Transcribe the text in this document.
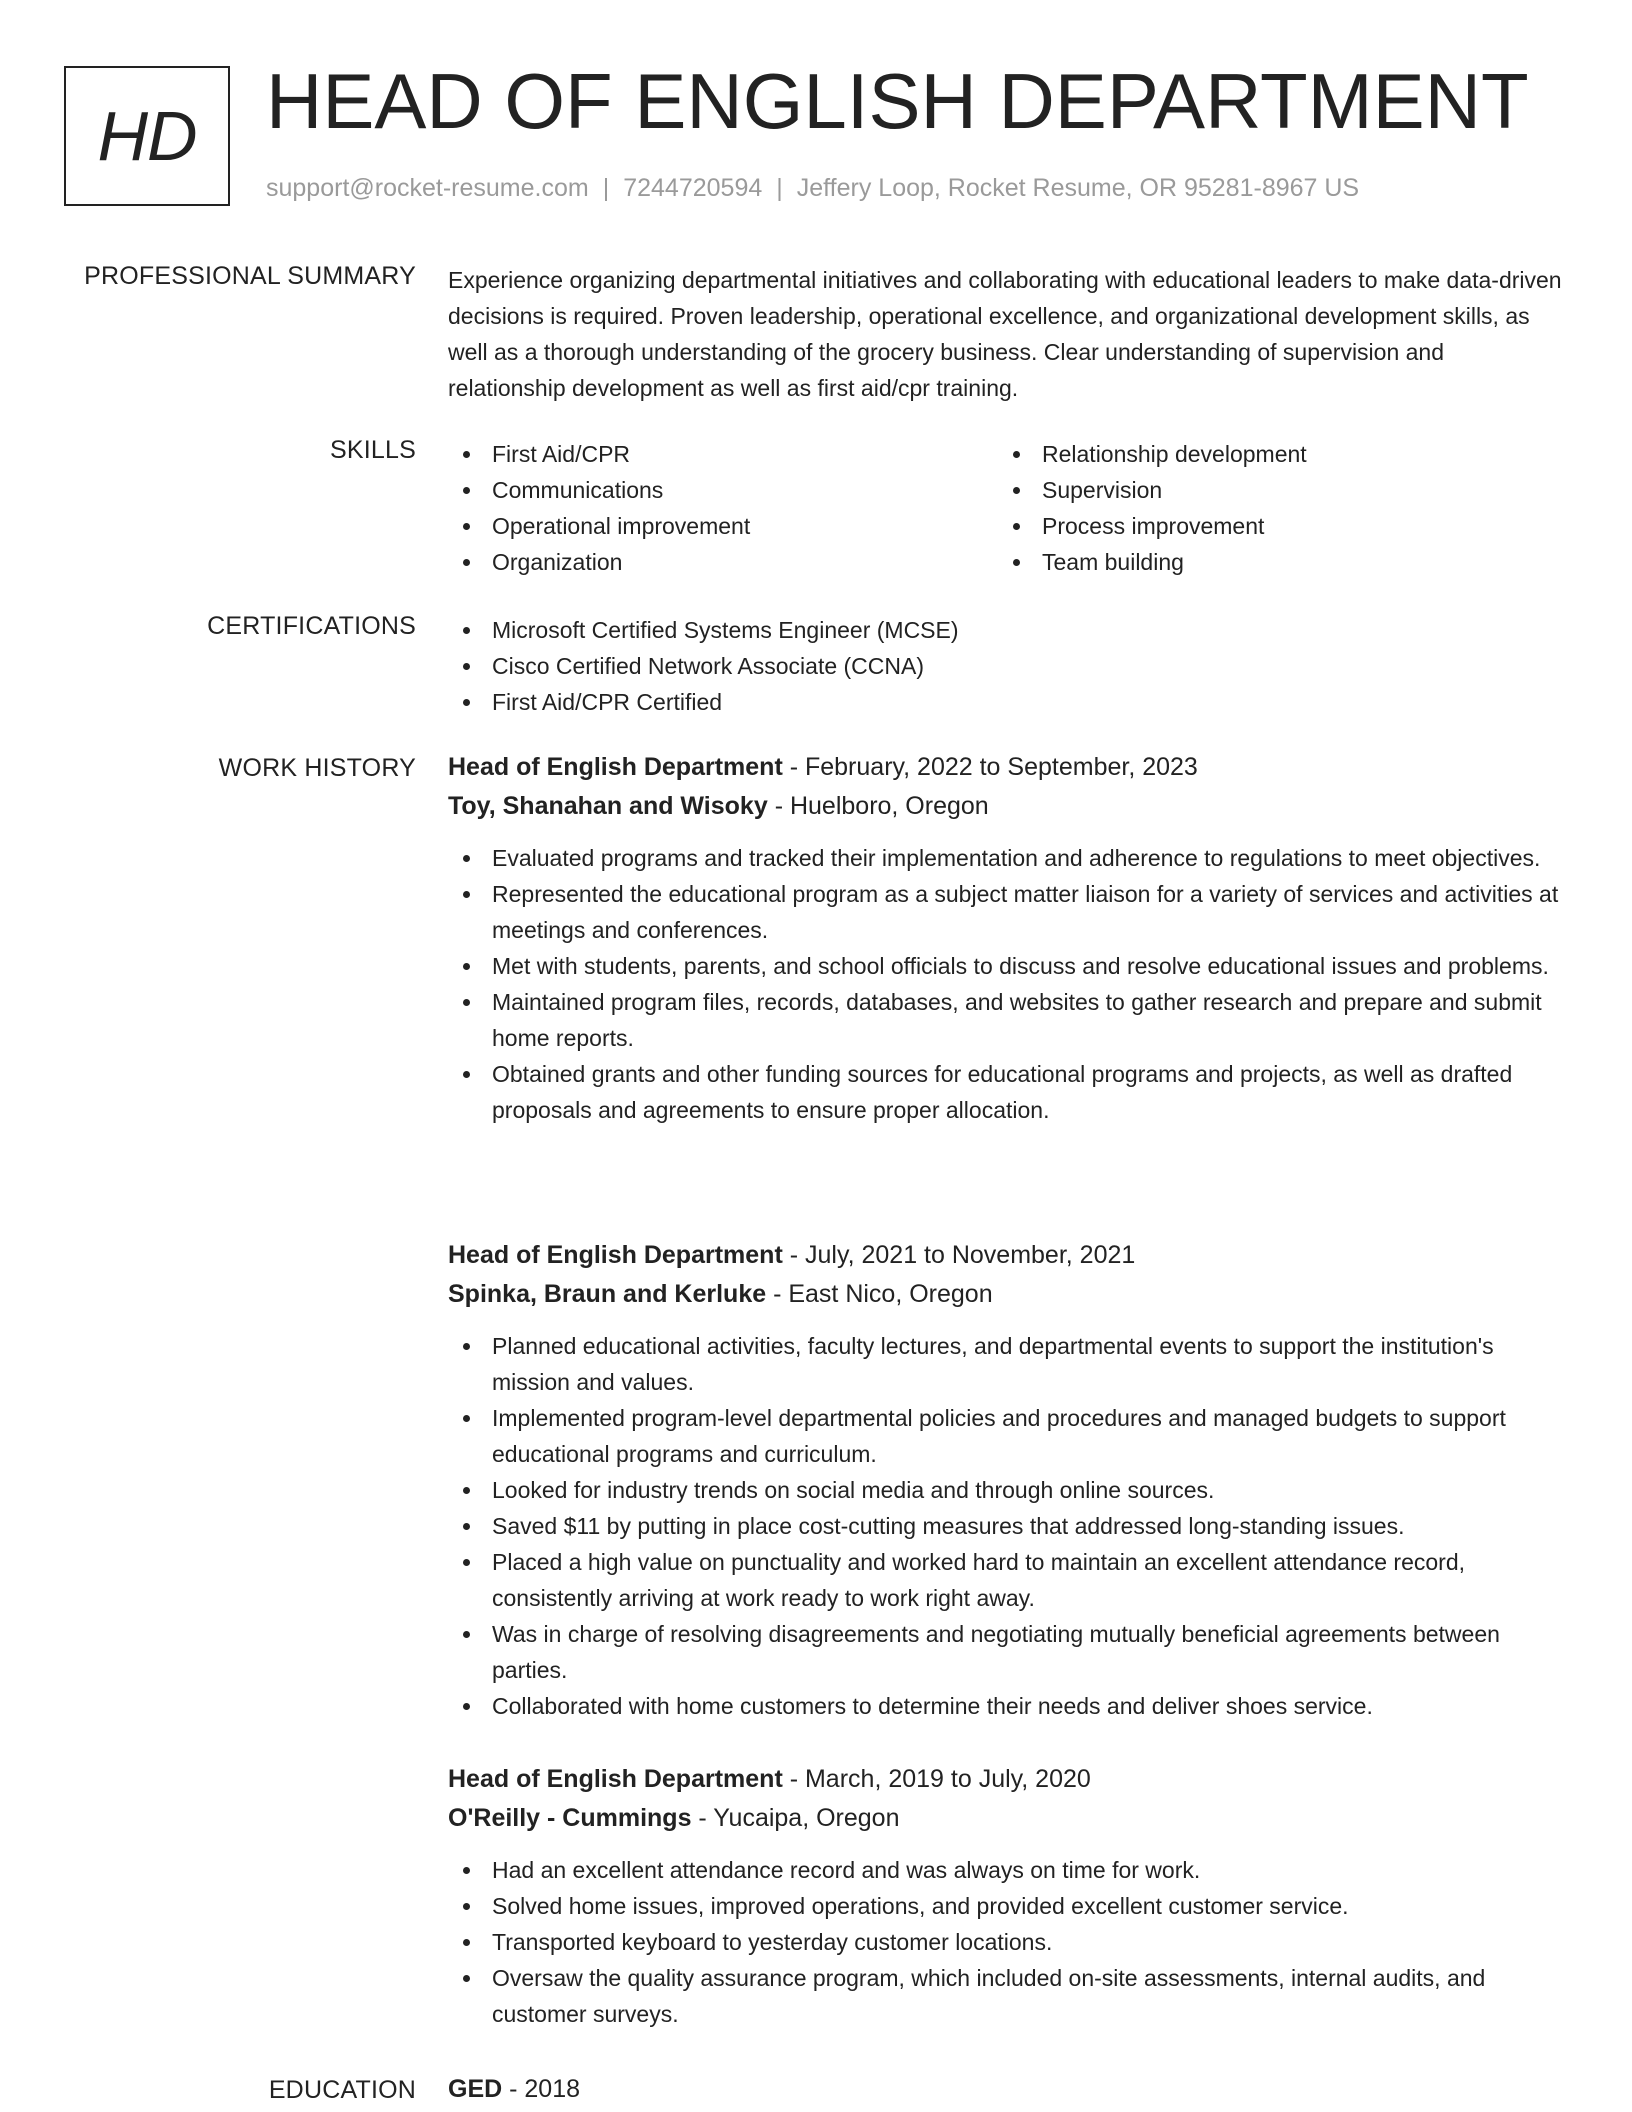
HD HEAD OF ENGLISH DEPARTMENT
support@rocket-resume.com | 7244720594 | Jeffery Loop, Rocket Resume, OR 95281-8967 US
PROFESSIONAL SUMMARY Experience organizing departmental initiatives and collaborating with educational leaders to make data-driven decisions is required. Proven leadership, operational excellence, and organizational development skills, as well as a thorough understanding of the grocery business. Clear understanding of supervision and relationship development as well as first aid/cpr training.

SKILLS	First Aid/CPR
Communications
Operational improvement
Organization
Relationship development
Supervision
Process improvement
Team building
CERTIFICATIONS	Microsoft Certified Systems Engineer (MCSE)
Cisco Certified Network Associate (CCNA)
First Aid/CPR Certified
WORK HISTORY Head of English Department - February, 2022 to September, 2023
Toy, Shanahan and Wisoky - Huelboro, Oregon
Evaluated programs and tracked their implementation and adherence to regulations to meet objectives.
Represented the educational program as a subject matter liaison for a variety of services and activities at meetings and conferences.
Met with students, parents, and school officials to discuss and resolve educational issues and problems.
Maintained program files, records, databases, and websites to gather research and prepare and submit home reports.
Obtained grants and other funding sources for educational programs and projects, as well as drafted proposals and agreements to ensure proper allocation.
Head of English Department - July, 2021 to November, 2021
Spinka, Braun and Kerluke - East Nico, Oregon
Planned educational activities, faculty lectures, and departmental events to support the institution's mission and values.
Implemented program-level departmental policies and procedures and managed budgets to support educational programs and curriculum.
Looked for industry trends on social media and through online sources.
Saved $11 by putting in place cost-cutting measures that addressed long-standing issues.
Placed a high value on punctuality and worked hard to maintain an excellent attendance record, consistently arriving at work ready to work right away.
Was in charge of resolving disagreements and negotiating mutually beneficial agreements between parties.
Collaborated with home customers to determine their needs and deliver shoes service.
Head of English Department - March, 2019 to July, 2020
O'Reilly - Cummings - Yucaipa, Oregon
Had an excellent attendance record and was always on time for work.
Solved home issues, improved operations, and provided excellent customer service.
Transported keyboard to yesterday customer locations.
Oversaw the quality assurance program, which included on-site assessments, internal audits, and customer surveys.
EDUCATION GED - 2018
